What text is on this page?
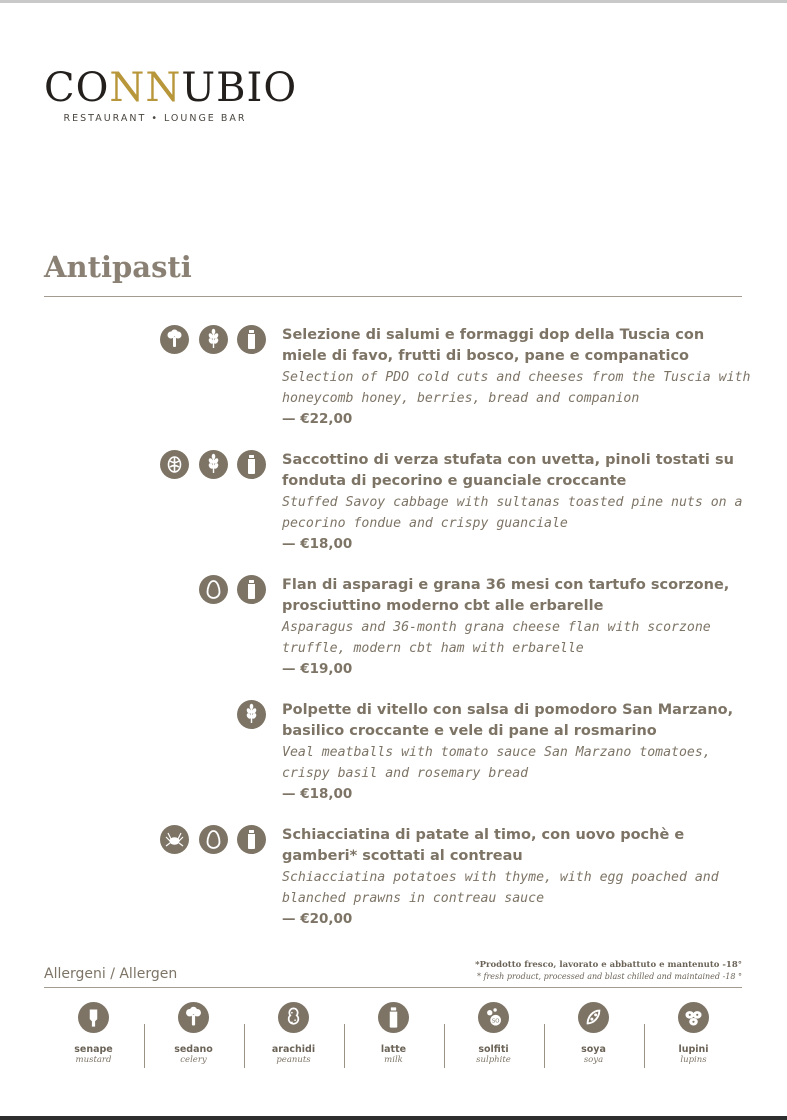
CONNUBIO
RESTAURANT • LOUNGE BAR
Antipasti
Selezione di salumi e formaggi dop della Tuscia con miele di favo, frutti di bosco, pane e companatico
Selection of PDO cold cuts and cheeses from the Tuscia with honeycomb honey, berries, bread and companion
— €22,00
Saccottino di verza stufata con uvetta, pinoli tostati su fonduta di pecorino e guanciale croccante
Stuffed Savoy cabbage with sultanas toasted pine nuts on a pecorino fondue and crispy guanciale
— €18,00
Flan di asparagi e grana 36 mesi con tartufo scorzone, prosciuttino moderno cbt alle erbarelle
Asparagus and 36-month grana cheese flan with scorzone truffle, modern cbt ham with erbarelle
— €19,00
Polpette di vitello con salsa di pomodoro San Marzano, basilico croccante e vele di pane al rosmarino
Veal meatballs with tomato sauce San Marzano tomatoes, crispy basil and rosemary bread
— €18,00
Schiacciatina di patate al timo, con uovo pochè e gamberi* scottati al contreau
Schiacciatina potatoes with thyme, with egg poached and blanched prawns in contreau sauce
— €20,00
Allergeni / Allergen
*Prodotto fresco, lavorato e abbattuto e mantenuto -18°
* fresh product, processed and blast chilled and maintained -18 °
senape
mustard
sedano
celery
arachidi
peanuts
latte
milk
SO
solfiti
sulphite
soya
soya
lupini
lupins
